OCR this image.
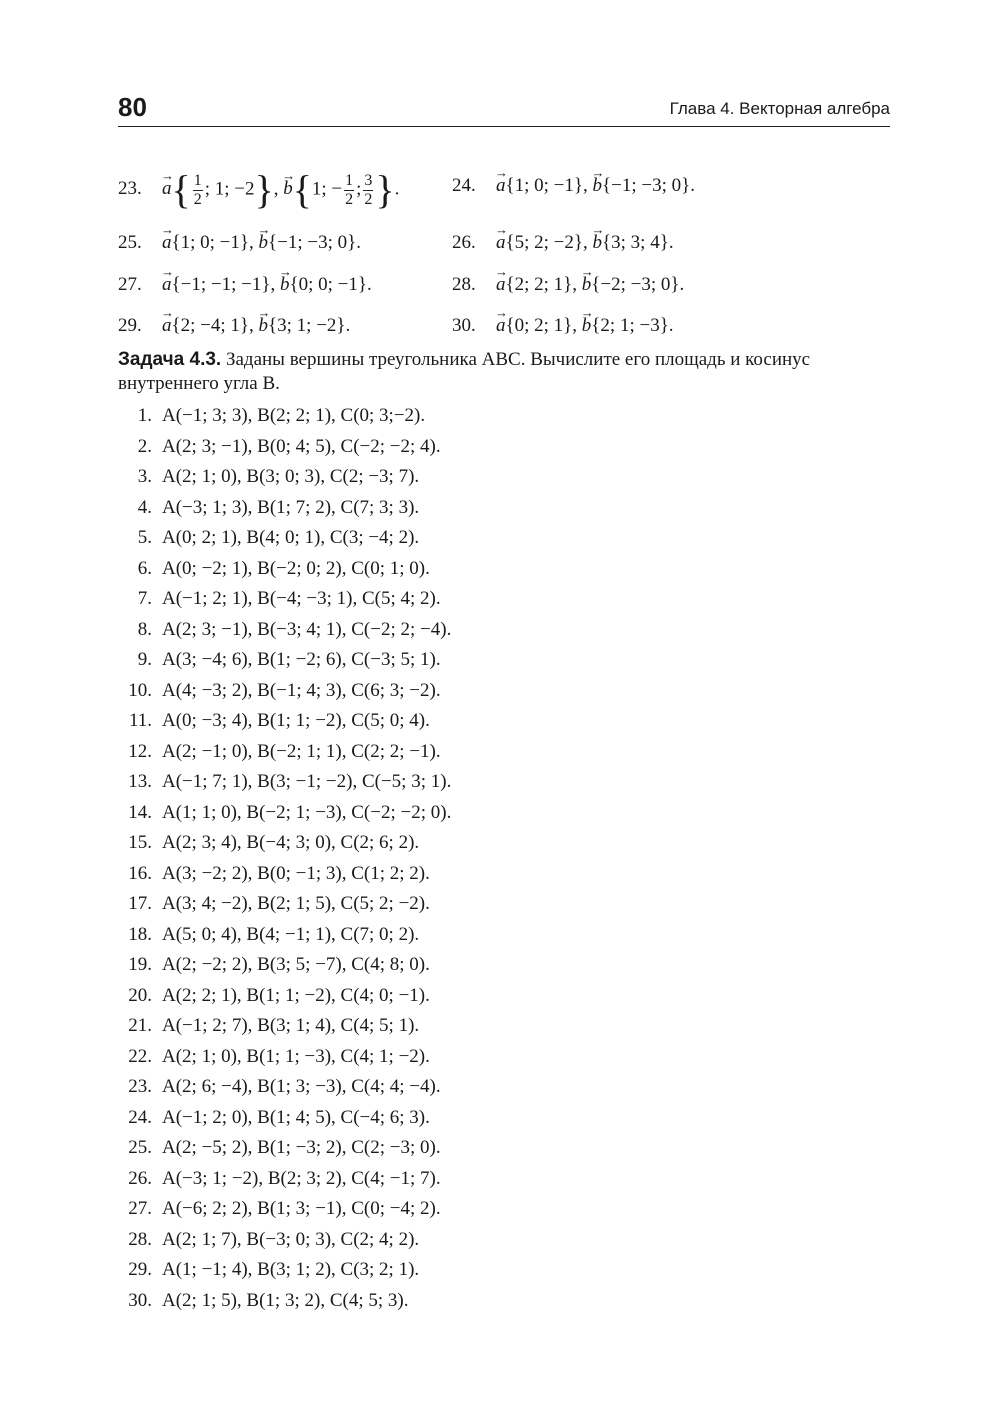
80	Глава 4. Векторная алгебра
$23.\to a\{ \frac{1}{2}$ ; 1; −2}, → b{1; − $\frac{1}{2}$ ; $\frac{3}{2}$ }.	24.→ a{1; 0; −1}, → b{−1; −3; 0}.
25.→ a{1; 0; −1}, → b{−1; −3; 0}.	26.→ a{5; 2; −2}, → b{3; 3; 4}.
27.→ a{−1; −1; −1}, → b{0; 0; −1}.	28.→ a{2; 2; 1}, → b{−2; −3; 0}.
29.→ a{2; −4; 1}, → b{3; 1; −2}.	30.→ a{0; 2; 1}, → b{2; 1; −3}.
Задача 4.3. Заданы вершины треугольника ABC. Вычислите его площадь и косинус внутреннего угла B.
1. A(−1; 3; 3), B(2; 2; 1), C(0; 3;−2).
2. A(2; 3; −1), B(0; 4; 5), C(−2; −2; 4).
3. A(2; 1; 0), B(3; 0; 3), C(2; −3; 7).
4. A(−3; 1; 3), B(1; 7; 2), C(7; 3; 3).
5. A(0; 2; 1), B(4; 0; 1), C(3; −4; 2).
6. A(0; −2; 1), B(−2; 0; 2), C(0; 1; 0).
7. A(−1; 2; 1), B(−4; −3; 1), C(5; 4; 2).
8. A(2; 3; −1), B(−3; 4; 1), C(−2; 2; −4).
9. A(3; −4; 6), B(1; −2; 6), C(−3; 5; 1).
10. A(4; −3; 2), B(−1; 4; 3), C(6; 3; −2).
11. A(0; −3; 4), B(1; 1; −2), C(5; 0; 4).
12. A(2; −1; 0), B(−2; 1; 1), C(2; 2; −1).
13. A(−1; 7; 1), B(3; −1; −2), C(−5; 3; 1).
14. A(1; 1; 0), B(−2; 1; −3), C(−2; −2; 0).
15. A(2; 3; 4), B(−4; 3; 0), C(2; 6; 2).
16. A(3; −2; 2), B(0; −1; 3), C(1; 2; 2).
17. A(3; 4; −2), B(2; 1; 5), C(5; 2; −2).
18. A(5; 0; 4), B(4; −1; 1), C(7; 0; 2).
19. A(2; −2; 2), B(3; 5; −7), C(4; 8; 0).
20. A(2; 2; 1), B(1; 1; −2), C(4; 0; −1).
21. A(−1; 2; 7), B(3; 1; 4), C(4; 5; 1).
22. A(2; 1; 0), B(1; 1; −3), C(4; 1; −2).
23. A(2; 6; −4), B(1; 3; −3), C(4; 4; −4).
24. A(−1; 2; 0), B(1; 4; 5), C(−4; 6; 3).
25. A(2; −5; 2), B(1; −3; 2), C(2; −3; 0).
26. A(−3; 1; −2), B(2; 3; 2), C(4; −1; 7).
27. A(−6; 2; 2), B(1; 3; −1), C(0; −4; 2).
28. A(2; 1; 7), B(−3; 0; 3), C(2; 4; 2).
29. A(1; −1; 4), B(3; 1; 2), C(3; 2; 1).
30. A(2; 1; 5), B(1; 3; 2), C(4; 5; 3).
